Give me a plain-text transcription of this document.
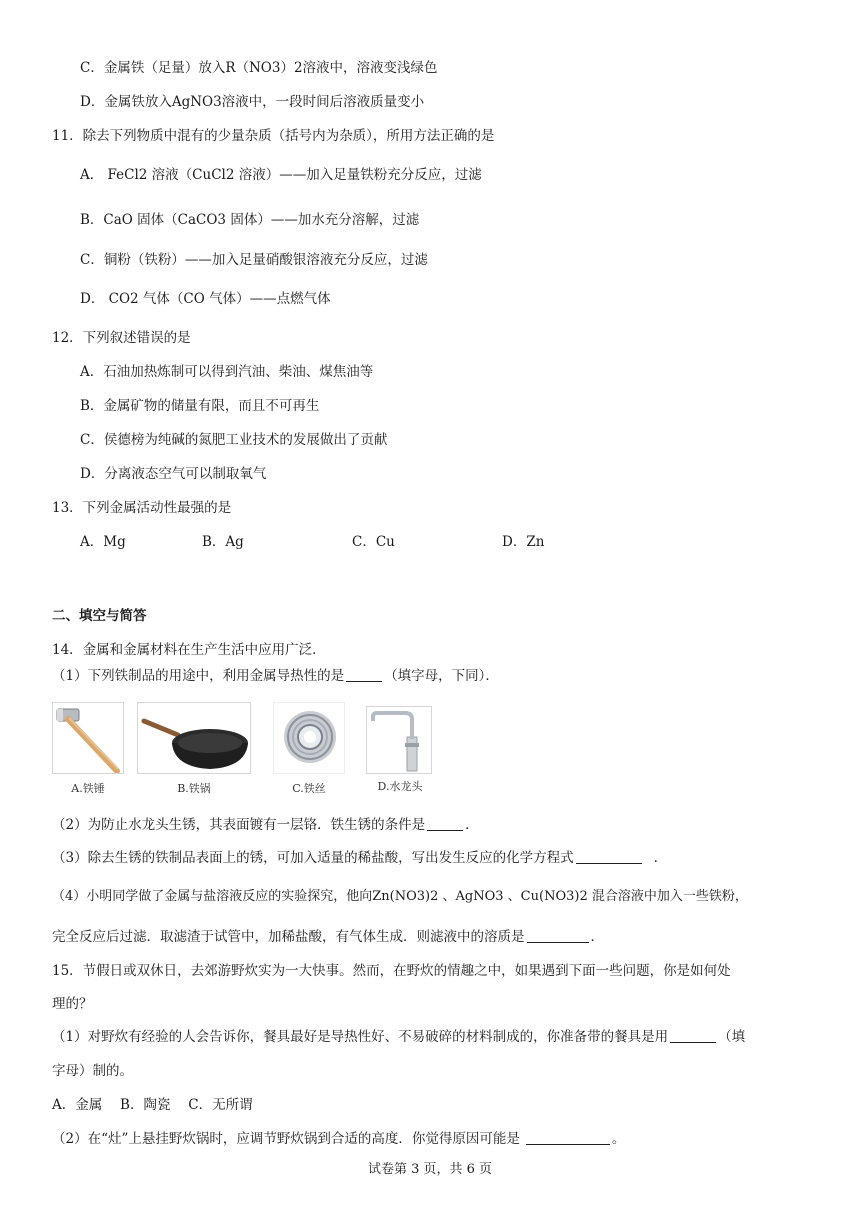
C．金属铁（足量）放入R（NO3）2溶液中，溶液变浅绿色
D．金属铁放入AgNO3溶液中，一段时间后溶液质量变小
11．除去下列物质中混有的少量杂质（括号内为杂质），所用方法正确的是
A． FeCl2 溶液（CuCl2 溶液）——加入足量铁粉充分反应，过滤
B．CaO 固体（CaCO3 固体）——加水充分溶解，过滤
C．铜粉（铁粉）——加入足量硝酸银溶液充分反应，过滤
D． CO2 气体（CO 气体）——点燃气体
12．下列叙述错误的是
A．石油加热炼制可以得到汽油、柴油、煤焦油等
B．金属矿物的储量有限，而且不可再生
C．侯德榜为纯碱的氮肥工业技术的发展做出了贡献
D．分离液态空气可以制取氧气
13．下列金属活动性最强的是
A．Mg	B．Ag	C．Cu	D．Zn
二、填空与简答
14．金属和金属材料在生产生活中应用广泛．
（1）下列铁制品的用途中，利用金属导热性的是	（填字母，下同）．
A.铁锤	B.铁锅	C.铁丝	D.水龙头
（2）为防止水龙头生锈，其表面镀有一层铬．铁生锈的条件是	．
（3）除去生锈的铁制品表面上的锈，可加入适量的稀盐酸，写出发生反应的化学方程式	．
（4）小明同学做了金属与盐溶液反应的实验探究，他向Zn(NO3)2 、AgNO3 、Cu(NO3)2 混合溶液中加入一些铁粉，
完全反应后过滤．取滤渣于试管中，加稀盐酸，有气体生成．则滤液中的溶质是	．
15．节假日或双休日，去郊游野炊实为一大快事。然而，在野炊的情趣之中，如果遇到下面一些问题，你是如何处
理的？
（1）对野炊有经验的人会告诉你，餐具最好是导热性好、不易破碎的材料制成的，你准备带的餐具是用	（填
字母）制的。
A．金属　 B．陶瓷　 C．无所谓
（2）在“灶”上悬挂野炊锅时，应调节野炊锅到合适的高度．你觉得原因可能是	。
试卷第 3 页，共 6 页
